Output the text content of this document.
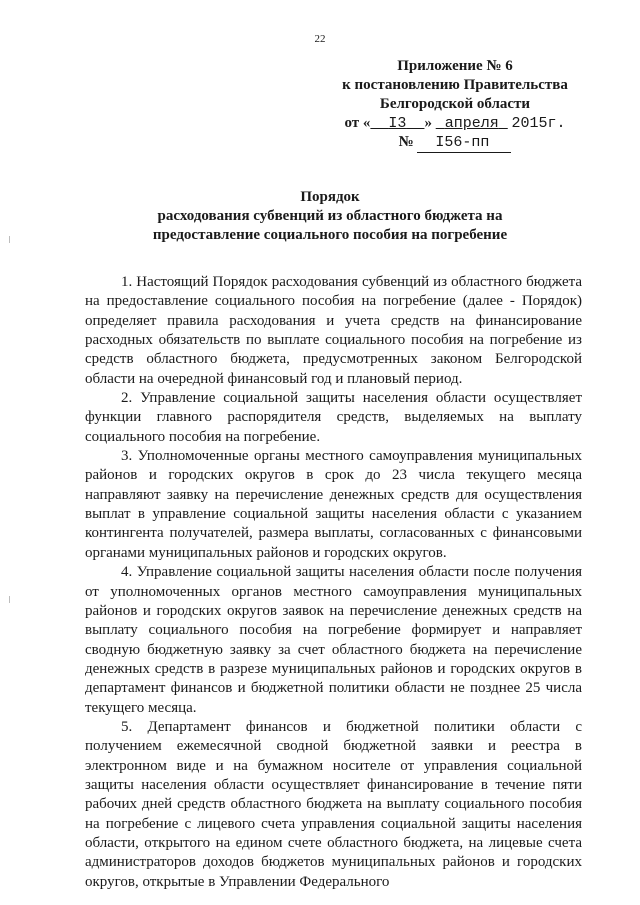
22
Приложение № 6
к постановлению Правительства
Белгородской области
от « I3 » апреля 2015г.
№ I56-пп
Порядок
расходования субвенций из областного бюджета на
предоставление социального пособия на погребение

1. Настоящий Порядок расходования субвенций из областного бюджета на предоставление социального пособия на погребение (далее - Порядок) определяет правила расходования и учета средств на финансирование расходных обязательств по выплате социального пособия на погребение из средств областного бюджета, предусмотренных законом Белгородской области на очередной финансовый год и плановый период.

2. Управление социальной защиты населения области осуществляет функции главного распорядителя средств, выделяемых на выплату социального пособия на погребение.

3. Уполномоченные органы местного самоуправления муниципальных районов и городских округов в срок до 23 числа текущего месяца направляют заявку на перечисление денежных средств для осуществления выплат в управление социальной защиты населения области с указанием контингента получателей, размера выплаты, согласованных с финансовыми органами муниципальных районов и городских округов.

4. Управление социальной защиты населения области после получения от уполномоченных органов местного самоуправления муниципальных районов и городских округов заявок на перечисление денежных средств на выплату социального пособия на погребение формирует и направляет сводную бюджетную заявку за счет областного бюджета на перечисление денежных средств в разрезе муниципальных районов и городских округов в департамент финансов и бюджетной политики области не позднее 25 числа текущего месяца.

5. Департамент финансов и бюджетной политики области с получением ежемесячной сводной бюджетной заявки и реестра в электронном виде и на бумажном носителе от управления социальной защиты населения области осуществляет финансирование в течение пяти рабочих дней средств областного бюджета на выплату социального пособия на погребение с лицевого счета управления социальной защиты населения области, открытого на едином счете областного бюджета, на лицевые счета администраторов доходов бюджетов муниципальных районов и городских округов, открытые в Управлении Федерального
